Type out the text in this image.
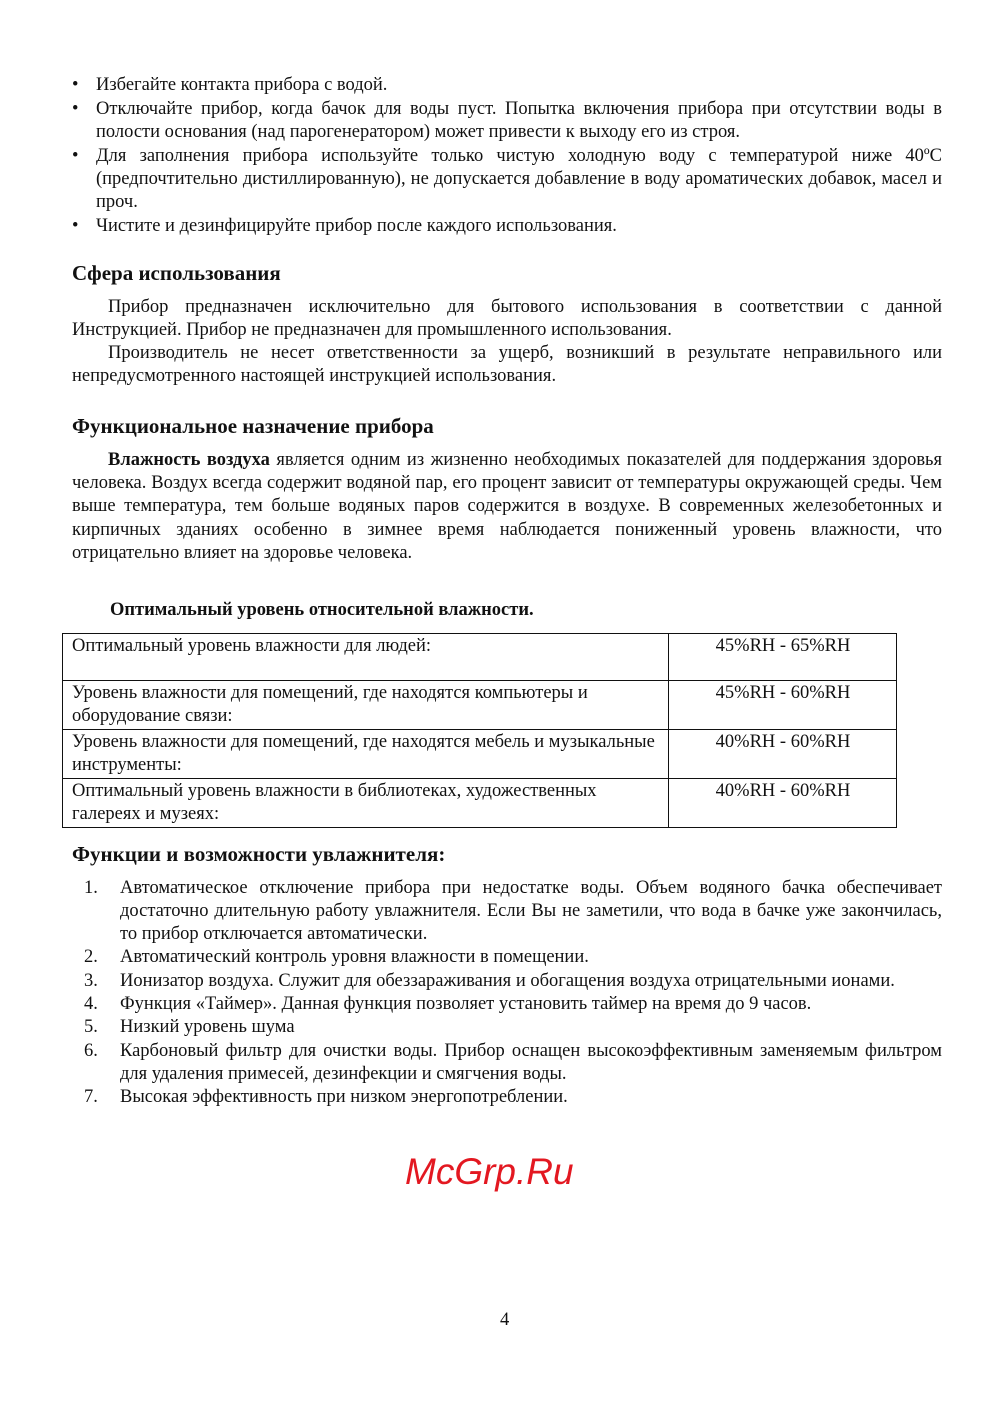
• Избегайте контакта прибора с водой.
• Отключайте прибор, когда бачок для воды пуст. Попытка включения прибора при отсутствии воды в полости основания (над парогенератором) может привести к выходу его из строя.
• Для заполнения прибора используйте только чистую холодную воду с температурой ниже 40ºС (предпочтительно дистиллированную), не допускается добавление в воду ароматических добавок, масел и проч.
• Чистите и дезинфицируйте прибор после каждого использования.
Сфера использования

Прибор предназначен исключительно для бытового использования в соответствии с данной Инструкцией. Прибор не предназначен для промышленного использования.

Производитель не несет ответственности за ущерб, возникший в результате неправильного или непредусмотренного настоящей инструкцией использования.

Функциональное назначение прибора

Влажность воздуха является одним из жизненно необходимых показателей для поддержания здоровья человека. Воздух всегда содержит водяной пар, его процент зависит от температуры окружающей среды. Чем выше температура, тем больше водяных паров содержится в воздухе. В современных железобетонных и кирпичных зданиях особенно в зимнее время наблюдается пониженный уровень влажности, что отрицательно влияет на здоровье человека.

Оптимальный уровень относительной влажности.
Оптимальный уровень влажности для людей:	45%RH - 65%RH
Уровень влажности для помещений, где находятся компьютеры и оборудование связи:	45%RH - 60%RH
Уровень влажности для помещений, где находятся мебель и музыкальные инструменты:	40%RH - 60%RH
Оптимальный уровень влажности в библиотеках, художественных галереях и музеях:	40%RH - 60%RH
Функции и возможности увлажнителя:
1. Автоматическое отключение прибора при недостатке воды. Объем водяного бачка обеспечивает достаточно длительную работу увлажнителя. Если Вы не заметили, что вода в бачке уже закончилась, то прибор отключается автоматически.
2. Автоматический контроль уровня влажности в помещении.
3. Ионизатор воздуха. Служит для обеззараживания и обогащения воздуха отрицательными ионами.
4. Функция «Таймер». Данная функция позволяет установить таймер на время до 9 часов.
5. Низкий уровень шума
6. Карбоновый фильтр для очистки воды. Прибор оснащен высокоэффективным заменяемым фильтром для удаления примесей, дезинфекции и смягчения воды.
7. Высокая эффективность при низком энергопотреблении.
McGrp.Ru
4
